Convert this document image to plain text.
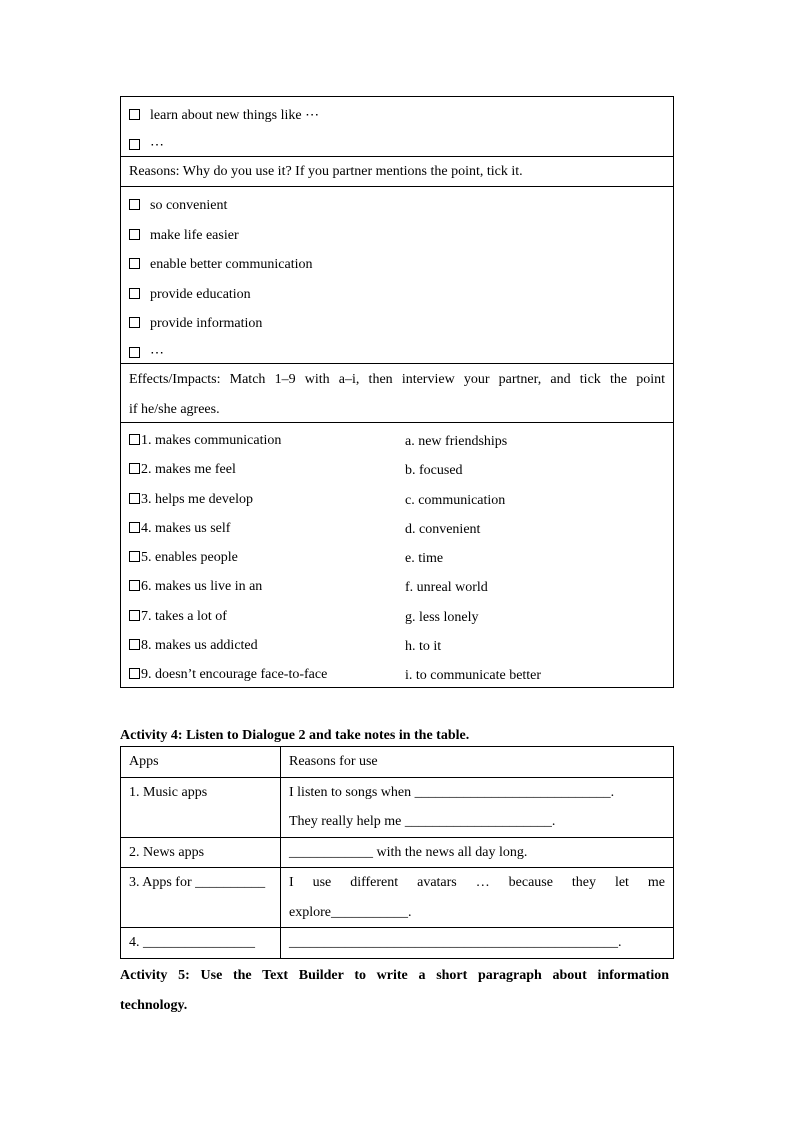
learn about new things like ⋯
⋯
Reasons: Why do you use it? If you partner mentions the point, tick it.
so convenient
make life easier
enable better communication
provide education
provide information
⋯
Effects/Impacts: Match 1–9 with a–i, then interview your partner, and tick the point
if he/she agrees.
1. makes communication	a. new friendships
2. makes me feel	b. focused
3. helps me develop	c. communication
4. makes us self	d. convenient
5. enables people	e. time
6. makes us live in an	f. unreal world
7. takes a lot of	g. less lonely
8. makes us addicted	h. to it
9. doesn’t encourage face-to-face	i. to communicate better
Activity 4: Listen to Dialogue 2 and take notes in the table.
Apps	Reasons for use
1. Music apps	I listen to songs when ____________________________.
They really help me _____________________.

2. News apps	____________ with the news all day long.

3. Apps for __________	I use different avatars … because they let me
explore___________.

4. ________________	_______________________________________________.
Activity 5: Use the Text Builder to write a short paragraph about information
technology.
